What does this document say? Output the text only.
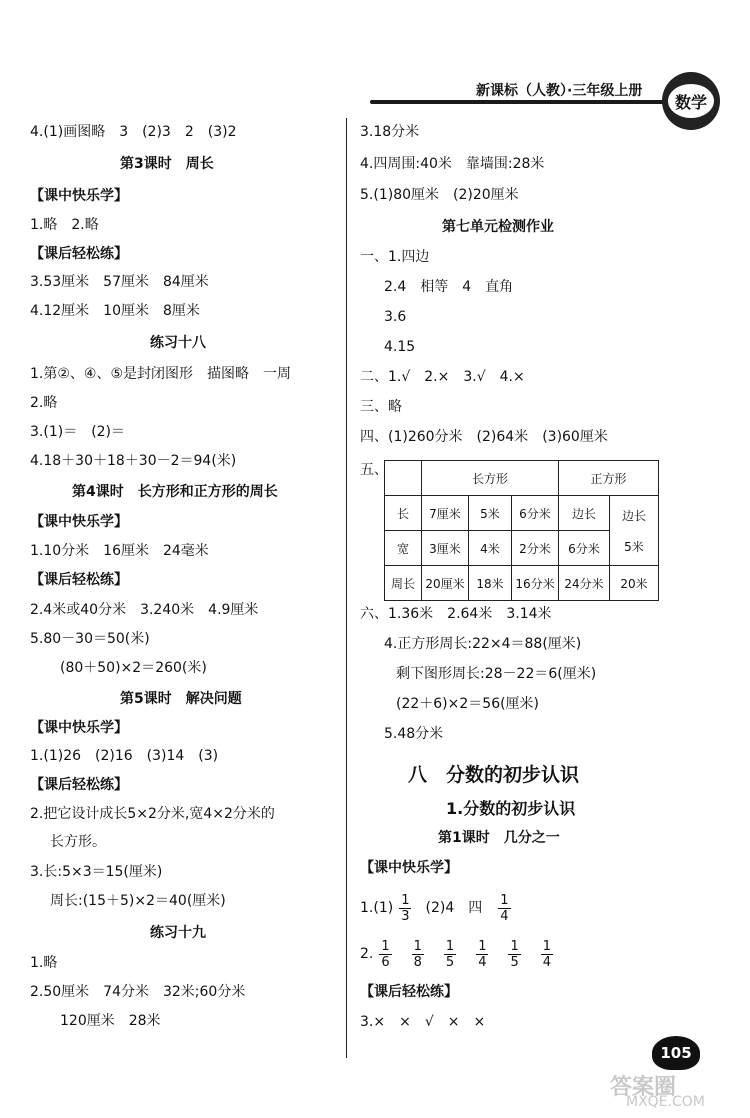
新课标（人教）·三年级上册
数学
4.(1)画图略　3　(2)3　2　(3)2
第3课时　周长
【课中快乐学】
1.略　2.略
【课后轻松练】
3.53厘米　57厘米　84厘米
4.12厘米　10厘米　8厘米
练习十八
1.第②、④、⑤是封闭图形　描图略　一周
2.略
3.(1)＝　(2)＝
4.18＋30＋18＋30－2＝94(米)
第4课时　长方形和正方形的周长
【课中快乐学】
1.10分米　16厘米　24毫米
【课后轻松练】
2.4米或40分米　3.240米　4.9厘米
5.80－30＝50(米)
(80＋50)×2＝260(米)
第5课时　解决问题
【课中快乐学】
1.(1)26　(2)16　(3)14　(3)
【课后轻松练】
2.把它设计成长5×2分米,宽4×2分米的
长方形。
3.长:5×3＝15(厘米)
周长:(15＋5)×2＝40(厘米)
练习十九
1.略
2.50厘米　74分米　32米;60分米
120厘米　28米
3.18分米
4.四周围:40米　靠墙围:28米
5.(1)80厘米　(2)20厘米
第七单元检测作业
一、1.四边
2.4　相等　4　直角
3.6
4.15
二、1.√　2.×　3.√　4.×
三、略
四、(1)260分米　(2)64米　(3)60厘米
五、
	长方形			正方形	
长	7厘米	5米	6分米	边长	边长
5米

宽	3厘米	4米	2分米	6分米	
周长	20厘米	18米	16分米	24分米	20米
六、1.36米　2.64米　3.14米
4.正方形周长:22×4＝88(厘米)
剩下图形周长:28－22＝6(厘米)
(22＋6)×2＝56(厘米)
5.48分米
八　分数的初步认识
1.分数的初步认识
第1课时　几分之一
【课中快乐学】
$1.(1) \frac{1}{3} (2)4$　四 $\frac{1}{4}$
2. $\frac{1}{6} \frac{1}{8} \frac{1}{5} \frac{1}{4} \frac{1}{5} \frac{1}{4}$
【课后轻松练】
3.×　×　√　×　×
105
答案圈
MXQE.COM
